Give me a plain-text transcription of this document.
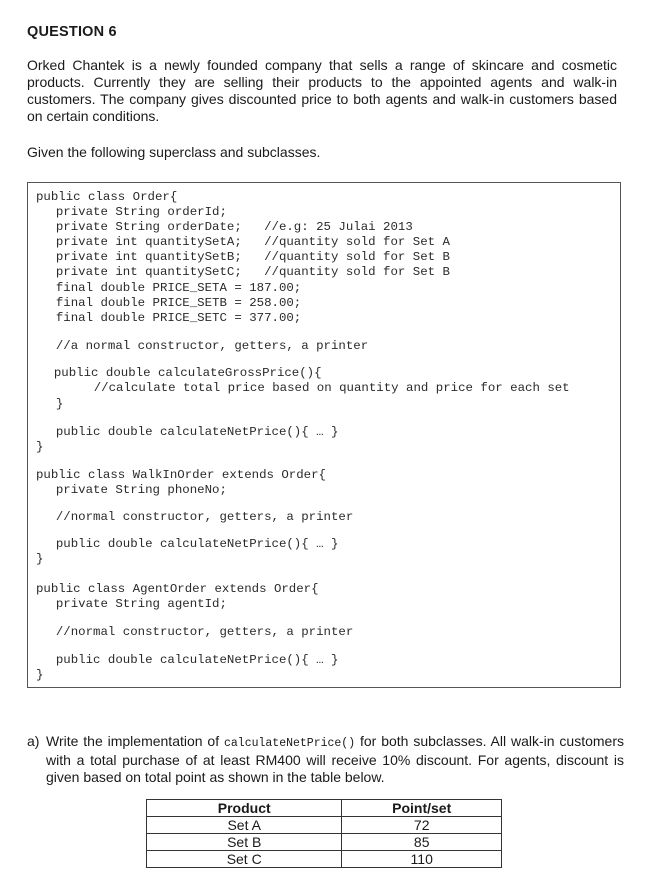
QUESTION 6
Orked Chantek is a newly founded company that sells a range of skincare and cosmetic products. Currently they are selling their products to the appointed agents and walk-in customers. The company gives discounted price to both agents and walk-in customers based on certain conditions.
Given the following superclass and subclasses.
public class Order{
private String orderId;
private String orderDate;   //e.g: 25 Julai 2013
private int quantitySetA;   //quantity sold for Set A
private int quantitySetB;   //quantity sold for Set B
private int quantitySetC;   //quantity sold for Set B
final double PRICE_SETA = 187.00;
final double PRICE_SETB = 258.00;
final double PRICE_SETC = 377.00;
//a normal constructor, getters, a printer
public double calculateGrossPrice(){
//calculate total price based on quantity and price for each set
}
public double calculateNetPrice(){ … }
}
public class WalkInOrder extends Order{
private String phoneNo;
//normal constructor, getters, a printer
public double calculateNetPrice(){ … }
}
public class AgentOrder extends Order{
private String agentId;
//normal constructor, getters, a printer
public double calculateNetPrice(){ … }
}
a) Write the implementation of calculateNetPrice() for both subclasses. All walk-in customers with a total purchase of at least RM400 will receive 10% discount. For agents, discount is given based on total point as shown in the table below.
Product	Point/set
Set A	72
Set B	85
Set C	110
